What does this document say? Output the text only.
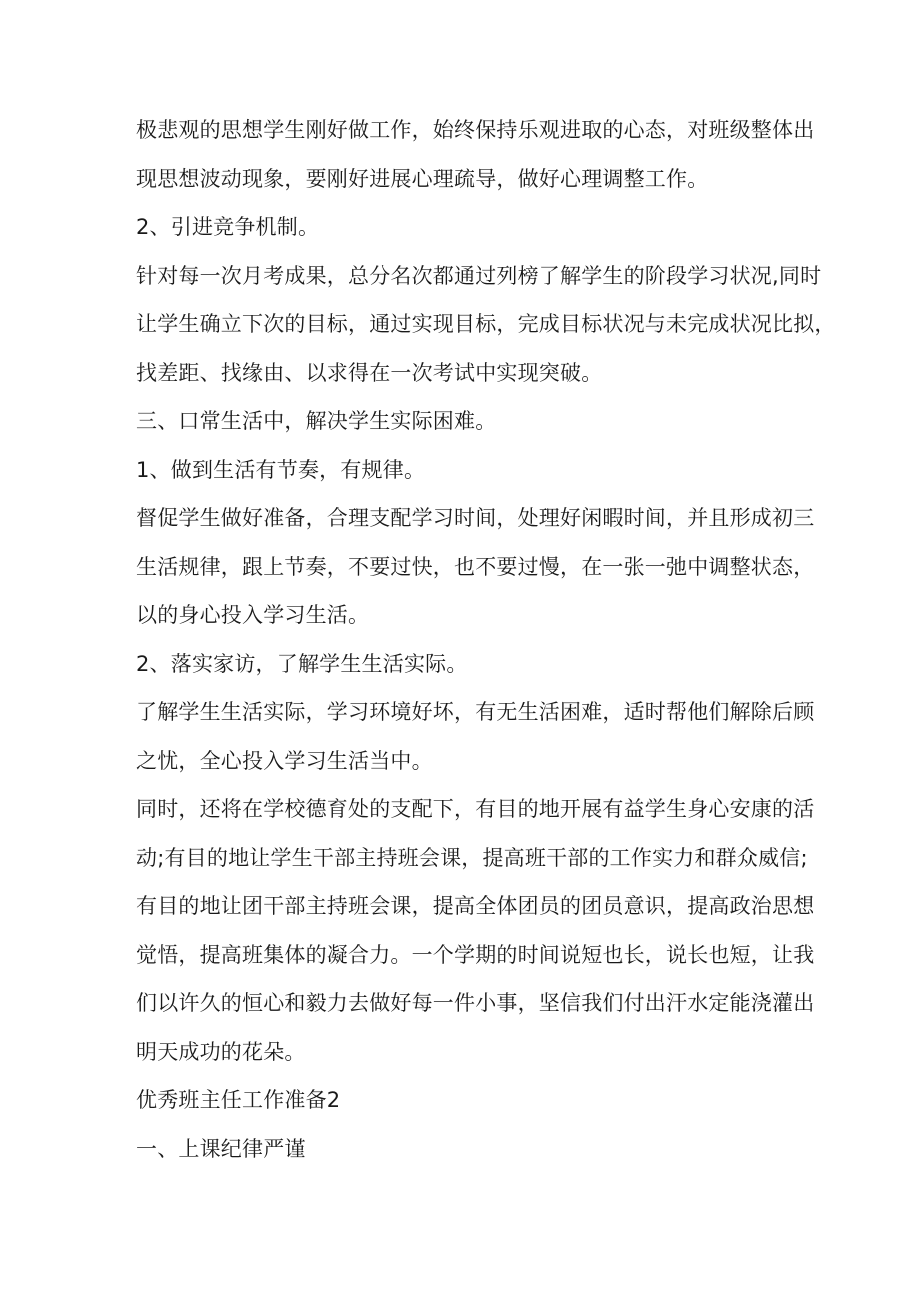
极悲观的思想学生刚好做工作，始终保持乐观进取的心态，对班级整体出
现思想波动现象，要刚好进展心理疏导，做好心理调整工作。
2、引进竞争机制。
针对每一次月考成果，总分名次都通过列榜了解学生的阶段学习状况,同时
让学生确立下次的目标，通过实现目标，完成目标状况与未完成状况比拟，
找差距、找缘由、以求得在一次考试中实现突破。
三、口常生活中，解决学生实际困难。
1、做到生活有节奏，有规律。
督促学生做好准备，合理支配学习时间，处理好闲暇时间，并且形成初三
生活规律，跟上节奏，不要过快，也不要过慢，在一张一弛中调整状态，
以的身心投入学习生活。
2、落实家访，了解学生生活实际。
了解学生生活实际，学习环境好坏，有无生活困难，适时帮他们解除后顾
之忧，全心投入学习生活当中。
同时，还将在学校德育处的支配下，有目的地开展有益学生身心安康的活
动;有目的地让学生干部主持班会课，提高班干部的工作实力和群众威信;
有目的地让团干部主持班会课，提高全体团员的团员意识，提高政治思想
觉悟，提高班集体的凝合力。一个学期的时间说短也长，说长也短，让我
们以许久的恒心和毅力去做好每一件小事，坚信我们付出汗水定能浇灌出
明天成功的花朵。
优秀班主任工作准备2
一、上课纪律严谨
